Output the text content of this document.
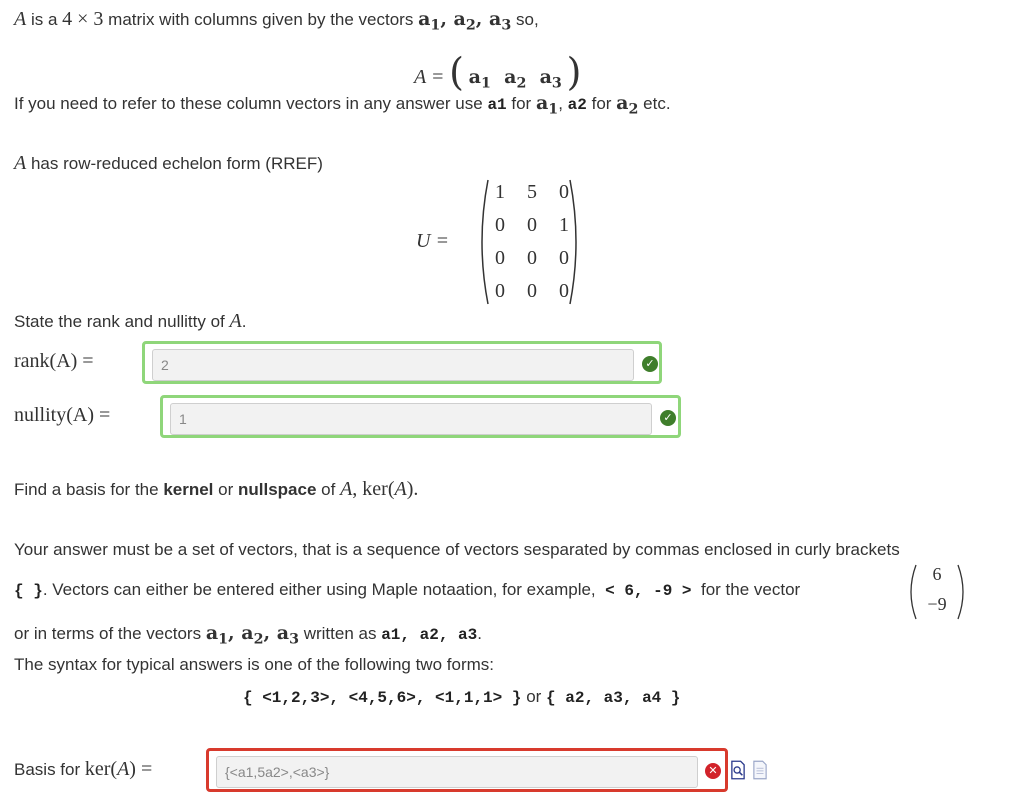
A is a 4 × 3 matrix with columns given by the vectors $a_1$, $a_2$, $a_3$ so,
A = ( $a_1$  $a_2$  $a_3$ )
If you need to refer to these column vectors in any answer use a1 for $a_1$, a2 for $a_2$ etc.
A has row-reduced echelon form (RREF)
U =
1	5	0
0	0	1
0	0	0
0	0	0
State the rank and nullitty of A.
rank(A) =	2	✓
nullity(A) =	1	✓
Find a basis for the kernel or nullspace of A, ker(A).
Your answer must be a set of vectors, that is a sequence of vectors sesparated by commas enclosed in curly brackets
{ }. Vectors can either be entered either using Maple notaation, for example, < 6, -9 > for the vector
6
−9
or in terms of the vectors $a_1$, $a_2$, $a_3$ written as a1, a2, a3.
The syntax for typical answers is one of the following two forms:
{ <1,2,3>, <4,5,6>, <1,1,1> } or { a2, a3, a4 }
Basis for ker(A) =	{<a1,5a2>,<a3>}	✕
